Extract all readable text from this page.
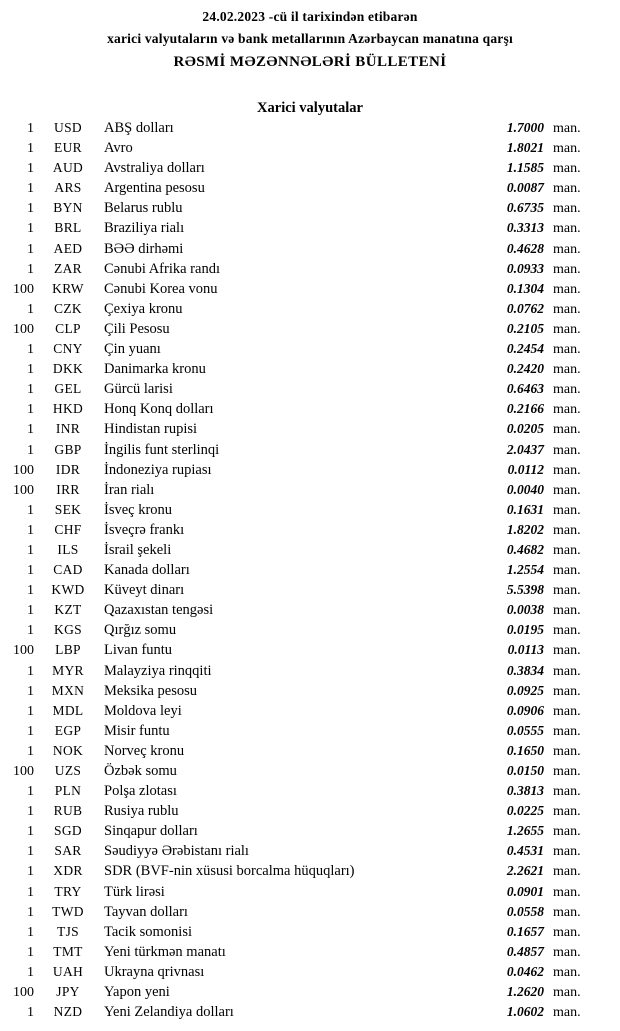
24.02.2023 -cü il tarixindən etibarən
xarici valyutaların və bank metallarının Azərbaycan manatına qarşı
RƏSMİ MƏZƏNNƏLƏRİ BÜLLETENİ
Xarici valyutalar
1	USD	ABŞ dolları	1.7000 man.
1	EUR	Avro	1.8021 man.
1	AUD	Avstraliya dolları	1.1585 man.
1	ARS	Argentina pesosu	0.0087 man.
1	BYN	Belarus rublu	0.6735 man.
1	BRL	Braziliya rialı	0.3313 man.
1	AED	BƏƏ dirhəmi	0.4628 man.
1	ZAR	Cənubi Afrika randı	0.0933 man.
100	KRW	Cənubi Korea vonu	0.1304 man.
1	CZK	Çexiya kronu	0.0762 man.
100	CLP	Çili Pesosu	0.2105 man.
1	CNY	Çin yuanı	0.2454 man.
1	DKK	Danimarka kronu	0.2420 man.
1	GEL	Gürcü larisi	0.6463 man.
1	HKD	Honq Konq dolları	0.2166 man.
1	INR	Hindistan rupisi	0.0205 man.
1	GBP	İngilis funt sterlinqi	2.0437 man.
100	IDR	İndoneziya rupiası	0.0112 man.
100	IRR	İran rialı	0.0040 man.
1	SEK	İsveç kronu	0.1631 man.
1	CHF	İsveçrə frankı	1.8202 man.
1	ILS	İsrail şekeli	0.4682 man.
1	CAD	Kanada dolları	1.2554 man.
1	KWD	Küveyt dinarı	5.5398 man.
1	KZT	Qazaxıstan tengəsi	0.0038 man.
1	KGS	Qırğız somu	0.0195 man.
100	LBP	Livan funtu	0.0113 man.
1	MYR	Malayziya rinqqiti	0.3834 man.
1	MXN	Meksika pesosu	0.0925 man.
1	MDL	Moldova leyi	0.0906 man.
1	EGP	Misir funtu	0.0555 man.
1	NOK	Norveç kronu	0.1650 man.
100	UZS	Özbək somu	0.0150 man.
1	PLN	Polşa zlotası	0.3813 man.
1	RUB	Rusiya rublu	0.0225 man.
1	SGD	Sinqapur dolları	1.2655 man.
1	SAR	Səudiyyə Ərəbistanı rialı	0.4531 man.
1	XDR	SDR (BVF-nin xüsusi borcalma hüquqları)	2.2621 man.
1	TRY	Türk lirəsi	0.0901 man.
1	TWD	Tayvan dolları	0.0558 man.
1	TJS	Tacik somonisi	0.1657 man.
1	TMT	Yeni türkmən manatı	0.4857 man.
1	UAH	Ukrayna qrivnası	0.0462 man.
100	JPY	Yapon yeni	1.2620 man.
1	NZD	Yeni Zelandiya dolları	1.0602 man.
